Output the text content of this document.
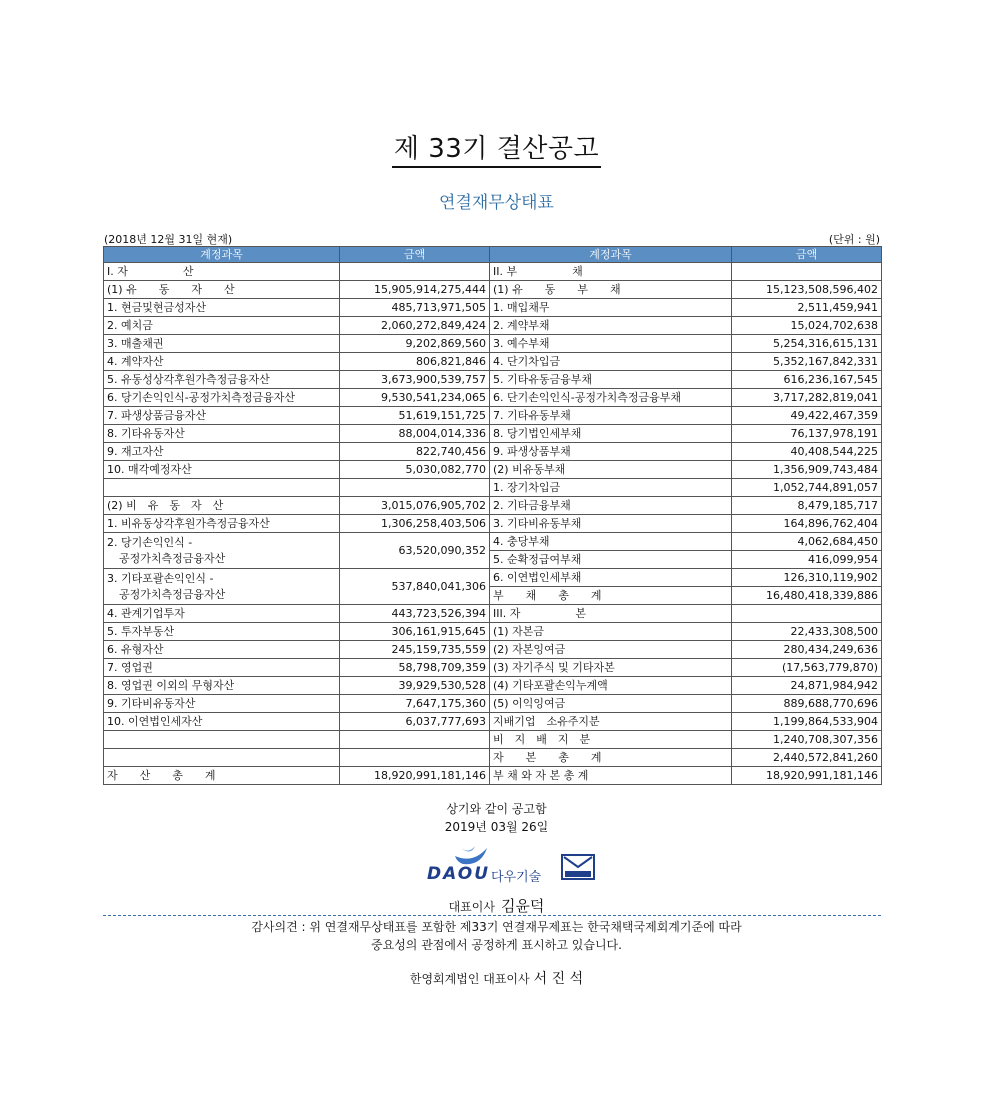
제 33기 결산공고
연결재무상태표
(2018년 12월 31일 현재)	(단위 : 원)
계정과목	금액	계정과목	금액
I. 자　　　　　산		II. 부　　　　　채	
(1) 유　　동　　자　　산	15,905,914,275,444	(1) 유　　동　　부　　채	15,123,508,596,402
1. 현금및현금성자산	485,713,971,505	1. 매입채무	2,511,459,941
2. 예치금	2,060,272,849,424	2. 계약부채	15,024,702,638
3. 매출채권	9,202,869,560	3. 예수부채	5,254,316,615,131
4. 계약자산	806,821,846	4. 단기차입금	5,352,167,842,331
5. 유동성상각후원가측정금융자산	3,673,900,539,757	5. 기타유동금융부채	616,236,167,545
6. 당기손익인식-공정가치측정금융자산	9,530,541,234,065	6. 단기손익인식-공정가치측정금융부채	3,717,282,819,041
7. 파생상품금융자산	51,619,151,725	7. 기타유동부채	49,422,467,359
8. 기타유동자산	88,004,014,336	8. 당기법인세부채	76,137,978,191
9. 재고자산	822,740,456	9. 파생상품부채	40,408,544,225
10. 매각예정자산	5,030,082,770	(2) 비유동부채	1,356,909,743,484
		1. 장기차입금	1,052,744,891,057
(2) 비　유　동　자　산	3,015,076,905,702	2. 기타금융부채	8,479,185,717
1. 비유동상각후원가측정금융자산	1,306,258,403,506	3. 기타비유동부채	164,896,762,404

2. 당기손익인식 -
공정가치측정금융자산	63,520,090,352	4. 충당부채	4,062,684,450
		5. 순확정급여부채	416,099,954

3. 기타포괄손익인식 -
공정가치측정금융자산	537,840,041,306	6. 이연법인세부채	126,310,119,902
		부　　채　　총　　계	16,480,418,339,886
4. 관계기업투자	443,723,526,394	III. 자　　　　　본	
5. 투자부동산	306,161,915,645	(1) 자본금	22,433,308,500
6. 유형자산	245,159,735,559	(2) 자본잉여금	280,434,249,636
7. 영업권	58,798,709,359	(3) 자기주식 및 기타자본	(17,563,779,870)
8. 영업권 이외의 무형자산	39,929,530,528	(4) 기타포괄손익누계액	24,871,984,942
9. 기타비유동자산	7,647,175,360	(5) 이익잉여금	889,688,770,696
10. 이연법인세자산	6,037,777,693	지배기업　소유주지분	1,199,864,533,904
		비　지　배　지　분	1,240,708,307,356
		자　　본　　총　　계	2,440,572,841,260
자　　산　　총　　계	18,920,991,181,146	부 채 와 자 본 총 계	18,920,991,181,146
상기와 같이 공고함
2019년 03월 26일
DAOU 다우기술
대표이사 김윤덕
감사의견 : 위 연결재무상태표를 포함한 제33기 연결재무제표는 한국채택국제회계기준에 따라
중요성의 관점에서 공정하게 표시하고 있습니다.
한영회계법인 대표이사 서 진 석
